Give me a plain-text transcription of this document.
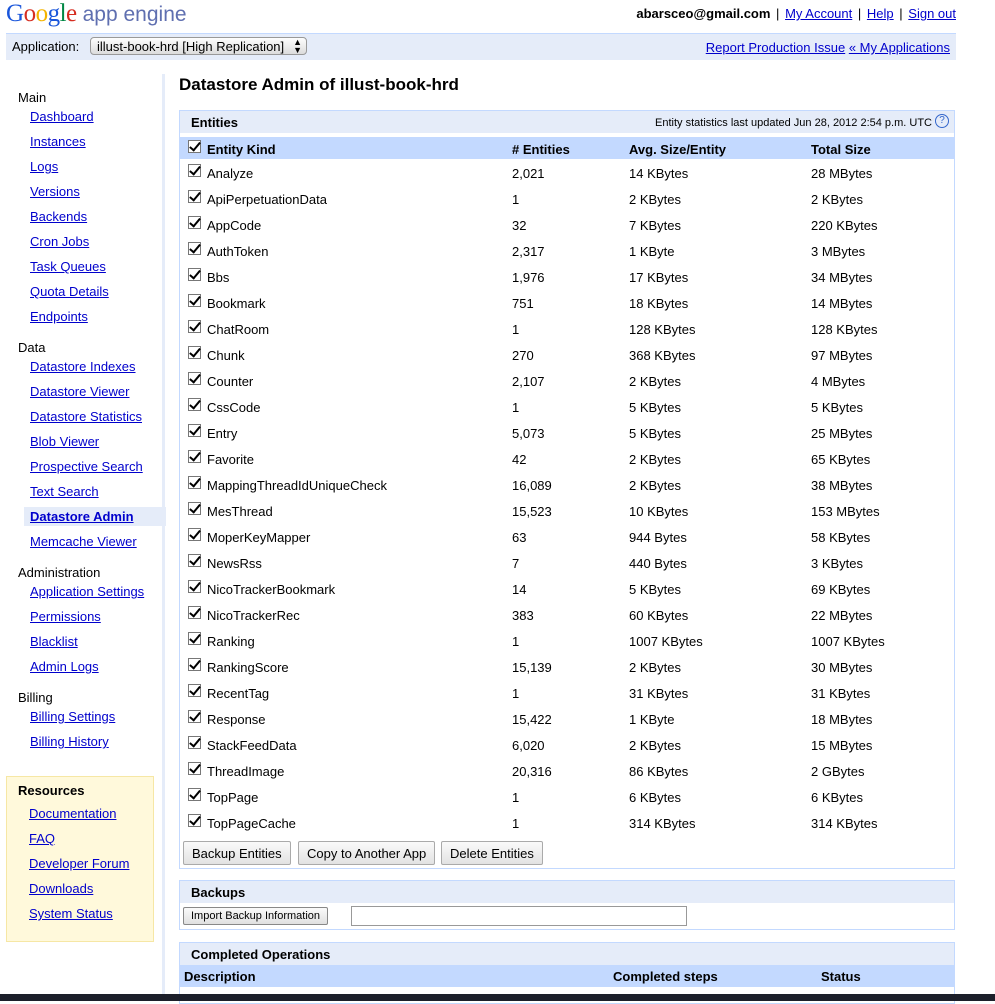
Google app engine	abarsceo@gmail.com | My Account | Help | Sign out
Application:	illust-book-hrd [High Replication] ▲
▼	Report Production Issue « My Applications
Main
Dashboard
Instances
Logs
Versions
Backends
Cron Jobs
Task Queues
Quota Details
Endpoints
Data
Datastore Indexes
Datastore Viewer
Datastore Statistics
Blob Viewer
Prospective Search
Text Search
Datastore Admin
Memcache Viewer
Administration
Application Settings
Permissions
Blacklist
Admin Logs
Billing
Billing Settings
Billing History
Resources
Documentation
FAQ
Developer Forum
Downloads
System Status
Datastore Admin of illust-book-hrd
Entities	Entity statistics last updated Jun 28, 2012 2:54 p.m. UTC ?
Entity Kind	# Entities	Avg. Size/Entity	Total Size
Analyze	2,021	14 KBytes	28 MBytes
ApiPerpetuationData	1	2 KBytes	2 KBytes
AppCode	32	7 KBytes	220 KBytes
AuthToken	2,317	1 KByte	3 MBytes
Bbs	1,976	17 KBytes	34 MBytes
Bookmark	751	18 KBytes	14 MBytes
ChatRoom	1	128 KBytes	128 KBytes
Chunk	270	368 KBytes	97 MBytes
Counter	2,107	2 KBytes	4 MBytes
CssCode	1	5 KBytes	5 KBytes
Entry	5,073	5 KBytes	25 MBytes
Favorite	42	2 KBytes	65 KBytes
MappingThreadIdUniqueCheck	16,089	2 KBytes	38 MBytes
MesThread	15,523	10 KBytes	153 MBytes
MoperKeyMapper	63	944 Bytes	58 KBytes
NewsRss	7	440 Bytes	3 KBytes
NicoTrackerBookmark	14	5 KBytes	69 KBytes
NicoTrackerRec	383	60 KBytes	22 MBytes
Ranking	1	1007 KBytes	1007 KBytes
RankingScore	15,139	2 KBytes	30 MBytes
RecentTag	1	31 KBytes	31 KBytes
Response	15,422	1 KByte	18 MBytes
StackFeedData	6,020	2 KBytes	15 MBytes
ThreadImage	20,316	86 KBytes	2 GBytes
TopPage	1	6 KBytes	6 KBytes
TopPageCache	1	314 KBytes	314 KBytes
Backup Entities	Copy to Another App	Delete Entities
Backups
Import Backup Information
Completed Operations
Description	Completed steps	Status
